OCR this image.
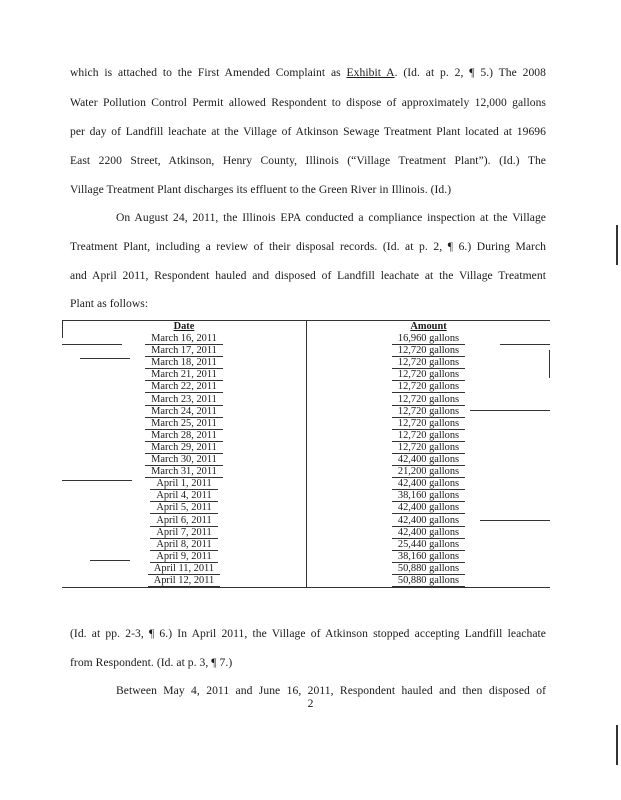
which is attached to the First Amended Complaint as Exhibit A. (Id. at p. 2, ¶ 5.) The 2008
Water Pollution Control Permit allowed Respondent to dispose of approximately 12,000 gallons
per day of Landfill leachate at the Village of Atkinson Sewage Treatment Plant located at 19696
East 2200 Street, Atkinson, Henry County, Illinois (“Village Treatment Plant”). (Id.) The
Village Treatment Plant discharges its effluent to the Green River in Illinois. (Id.)
On August 24, 2011, the Illinois EPA conducted a compliance inspection at the Village
Treatment Plant, including a review of their disposal records. (Id. at p. 2, ¶ 6.) During March
and April 2011, Respondent hauled and disposed of Landfill leachate at the Village Treatment
Plant as follows:
Date	Amount
March 16, 2011	16,960 gallons
March 17, 2011	12,720 gallons
March 18, 2011	12,720 gallons
March 21, 2011	12,720 gallons
March 22, 2011	12,720 gallons
March 23, 2011	12,720 gallons
March 24, 2011	12,720 gallons
March 25, 2011	12,720 gallons
March 28, 2011	12,720 gallons
March 29, 2011	12,720 gallons
March 30, 2011	42,400 gallons
March 31, 2011	21,200 gallons
April 1, 2011	42,400 gallons
April 4, 2011	38,160 gallons
April 5, 2011	42,400 gallons
April 6, 2011	42,400 gallons
April 7, 2011	42,400 gallons
April 8, 2011	25,440 gallons
April 9, 2011	38,160 gallons
April 11, 2011	50,880 gallons
April 12, 2011	50,880 gallons
(Id. at pp. 2-3, ¶ 6.) In April 2011, the Village of Atkinson stopped accepting Landfill leachate
from Respondent. (Id. at p. 3, ¶ 7.)
Between May 4, 2011 and June 16, 2011, Respondent hauled and then disposed of
2
